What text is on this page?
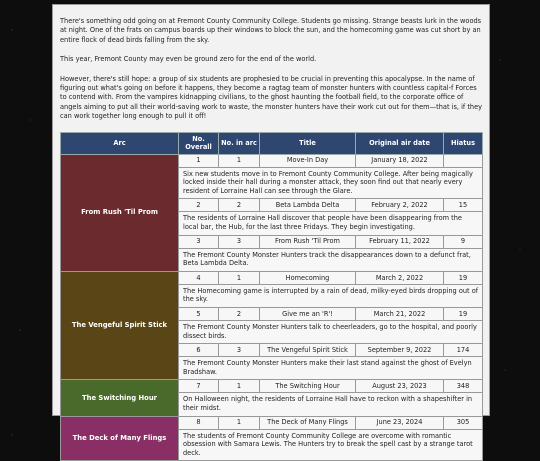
There's something odd going on at Fremont County Community College. Students go missing. Strange beasts lurk in the woods at night. One of the frats on campus boards up their windows to block the sun, and the homecoming game was cut short by an entire flock of dead birds falling from the sky.

This year, Fremont County may even be ground zero for the end of the world.

However, there's still hope: a group of six students are prophesied to be crucial in preventing this apocalypse. In the name of figuring out what's going on before it happens, they become a ragtag team of monster hunters with countless capital-f Forces to contend with. From the vampires kidnapping civilians, to the ghost haunting the football field, to the corporate office of angels aiming to put all their world-saving work to waste, the monster hunters have their work cut out for them—that is, if they can work together long enough to pull it off!

Arc	No. Overall	No. in arc	Title	Original air date	Hiatus
From Rush 'Til Prom	1	1	Move-In Day	January 18, 2022	
	Six new students move in to Fremont County Community College. After being magically locked inside their hall during a monster attack, they soon find out that nearly every resident of Lorraine Hall can see through the Glare.				
	2	2	Beta Lambda Delta	February 2, 2022	15
	The residents of Lorraine Hall discover that people have been disappearing from the local bar, the Hub, for the last three Fridays. They begin investigating.				
	3	3	From Rush 'Til Prom	February 11, 2022	9
	The Fremont County Monster Hunters track the disappearances down to a defunct frat, Beta Lambda Delta.				
The Vengeful Spirit Stick	4	1	Homecoming	March 2, 2022	19
	The Homecoming game is interrupted by a rain of dead, milky-eyed birds dropping out of the sky.				
	5	2	Give me an 'R'!	March 21, 2022	19
	The Fremont County Monster Hunters talk to cheerleaders, go to the hospital, and poorly dissect birds.				
	6	3	The Vengeful Spirit Stick	September 9, 2022	174
	The Fremont County Monster Hunters make their last stand against the ghost of Evelyn Bradshaw.				
The Switching Hour	7	1	The Switching Hour	August 23, 2023	348
	On Halloween night, the residents of Lorraine Hall have to reckon with a shapeshifter in their midst.				
The Deck of Many Flings	8	1	The Deck of Many Flings	June 23, 2024	305
	The students of Fremont County Community College are overcome with romantic obsession with Samara Lewis. The Hunters try to break the spell cast by a strange tarot deck.				
